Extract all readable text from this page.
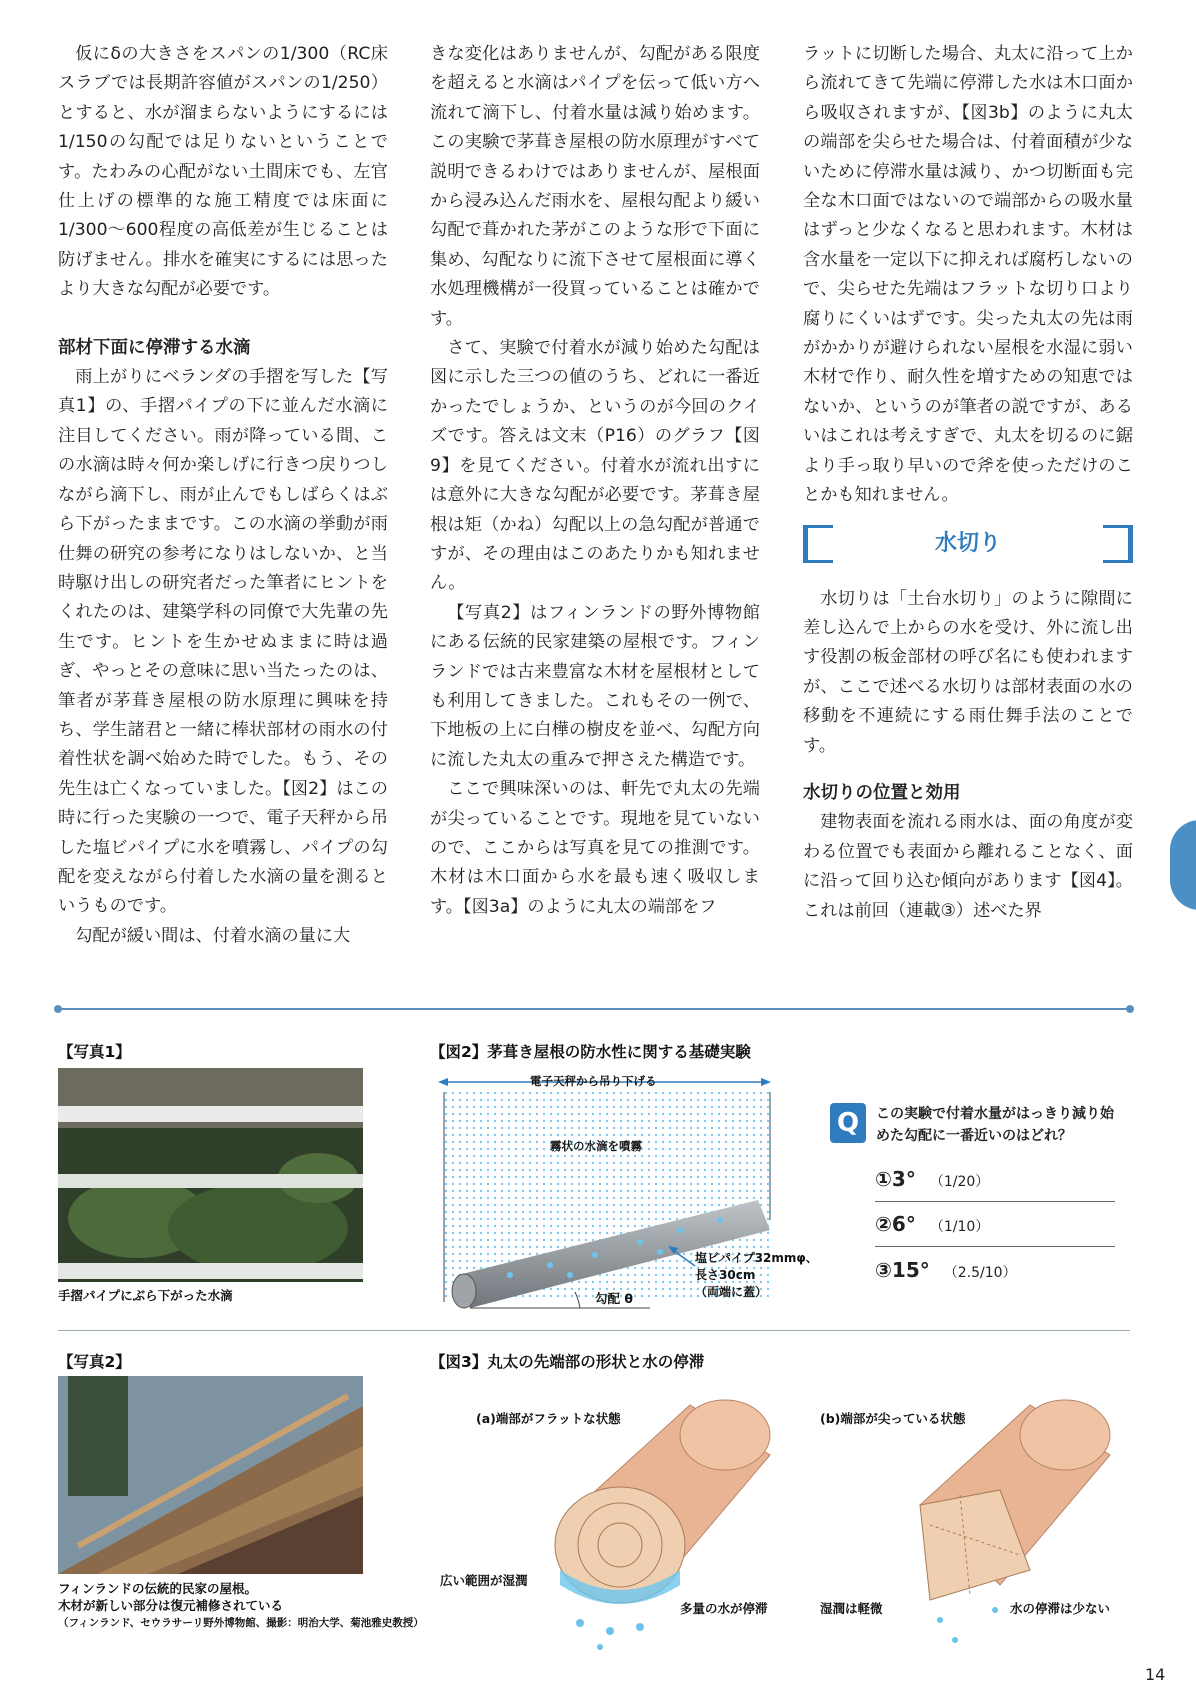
仮にδの大きさをスパンの1/300（RC床スラブでは長期許容値がスパンの1/250）とすると、水が溜まらないようにするには1/150の勾配では足りないということです。たわみの心配がない土間床でも、左官仕上げの標準的な施工精度では床面に1/300〜600程度の高低差が生じることは防げません。排水を確実にするには思ったより大きな勾配が必要です。

部材下面に停滞する水滴

雨上がりにベランダの手摺を写した【写真1】の、手摺パイプの下に並んだ水滴に注目してください。雨が降っている間、この水滴は時々何か楽しげに行きつ戻りつしながら滴下し、雨が止んでもしばらくはぶら下がったままです。この水滴の挙動が雨仕舞の研究の参考になりはしないか、と当時駆け出しの研究者だった筆者にヒントをくれたのは、建築学科の同僚で大先輩の先生です。ヒントを生かせぬままに時は過ぎ、やっとその意味に思い当たったのは、筆者が茅葺き屋根の防水原理に興味を持ち、学生諸君と一緒に棒状部材の雨水の付着性状を調べ始めた時でした。もう、その先生は亡くなっていました。【図2】はこの時に行った実験の一つで、電子天秤から吊した塩ビパイプに水を噴霧し、パイプの勾配を変えながら付着した水滴の量を測るというものです。

勾配が緩い間は、付着水滴の量に大

きな変化はありませんが、勾配がある限度を超えると水滴はパイプを伝って低い方へ流れて滴下し、付着水量は減り始めます。この実験で茅葺き屋根の防水原理がすべて説明できるわけではありませんが、屋根面から浸み込んだ雨水を、屋根勾配より緩い勾配で葺かれた茅がこのような形で下面に集め、勾配なりに流下させて屋根面に導く水処理機構が一役買っていることは確かです。

さて、実験で付着水が減り始めた勾配は図に示した三つの値のうち、どれに一番近かったでしょうか、というのが今回のクイズです。答えは文末（P16）のグラフ【図9】を見てください。付着水が流れ出すには意外に大きな勾配が必要です。茅葺き屋根は矩（かね）勾配以上の急勾配が普通ですが、その理由はこのあたりかも知れません。

【写真2】はフィンランドの野外博物館にある伝統的民家建築の屋根です。フィンランドでは古来豊富な木材を屋根材としても利用してきました。これもその一例で、下地板の上に白樺の樹皮を並べ、勾配方向に流した丸太の重みで押さえた構造です。

ここで興味深いのは、軒先で丸太の先端が尖っていることです。現地を見ていないので、ここからは写真を見ての推測です。木材は木口面から水を最も速く吸収します。【図3a】のように丸太の端部をフ

ラットに切断した場合、丸太に沿って上から流れてきて先端に停滞した水は木口面から吸収されますが、【図3b】のように丸太の端部を尖らせた場合は、付着面積が少ないために停滞水量は減り、かつ切断面も完全な木口面ではないので端部からの吸水量はずっと少なくなると思われます。木材は含水量を一定以下に抑えれば腐朽しないので、尖らせた先端はフラットな切り口より腐りにくいはずです。尖った丸太の先は雨がかかりが避けられない屋根を水湿に弱い木材で作り、耐久性を増すための知恵ではないか、というのが筆者の説ですが、あるいはこれは考えすぎで、丸太を切るのに鋸より手っ取り早いので斧を使っただけのことかも知れません。

水切り

水切りは「土台水切り」のように隙間に差し込んで上からの水を受け、外に流し出す役割の板金部材の呼び名にも使われますが、ここで述べる水切りは部材表面の水の移動を不連続にする雨仕舞手法のことです。

水切りの位置と効用

建物表面を流れる雨水は、面の角度が変わる位置でも表面から離れることなく、面に沿って回り込む傾向があります【図4】。これは前回（連載③）述べた界

【写真1】
手摺パイプにぶら下がった水滴
【図2】茅葺き屋根の防水性に関する基礎実験
電子天秤から吊り下げる
霧状の水滴を噴霧
塩ビパイプ32mmφ、
長さ30cm
（両端に蓋）
勾配 θ
Q	この実験で付着水量がはっきり減り始めた勾配に一番近いのはどれ？
①3° （1/20）
②6° （1/10）
③15° （2.5/10）
【写真2】
フィンランドの伝統的民家の屋根。
木材が新しい部分は復元補修されている
（フィンランド、セウラサーリ野外博物館、撮影：明治大学、菊池雅史教授）
【図3】丸太の先端部の形状と水の停滞
(a)端部がフラットな状態	(b)端部が尖っている状態
広い範囲が湿潤
多量の水が停滞	湿潤は軽微	水の停滞は少ない
14
